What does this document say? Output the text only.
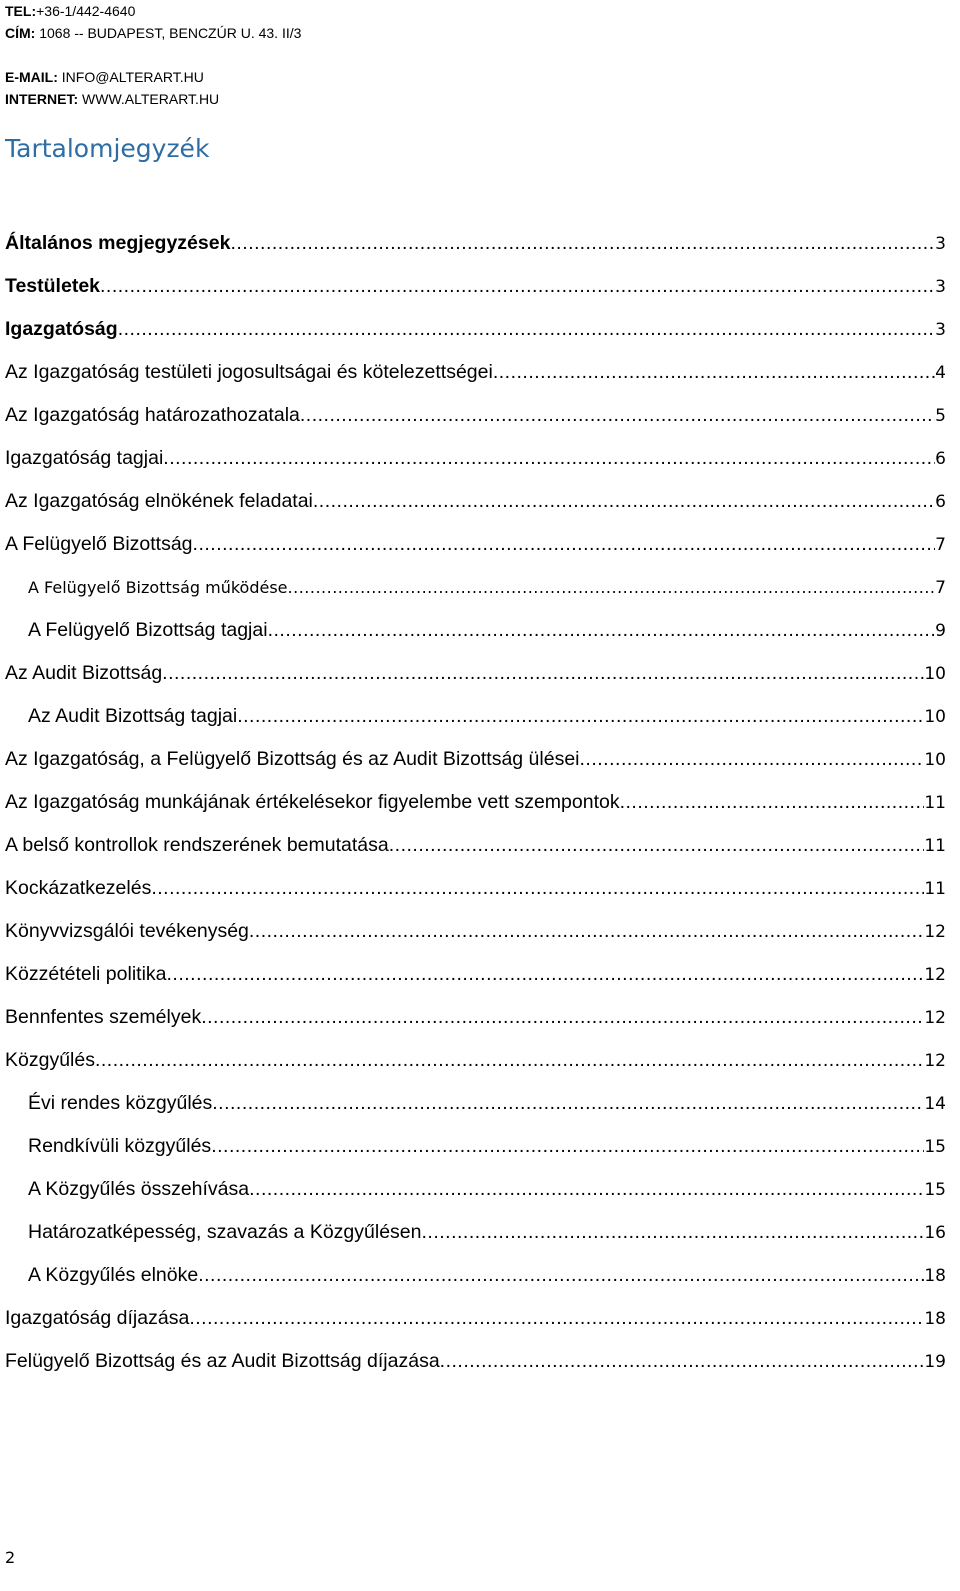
TEL:+36-1/442-4640
CÍM: 1068 -- BUDAPEST, BENCZÚR U. 43. II/3
E-MAIL: INFO@ALTERART.HU
INTERNET: WWW.ALTERART.HU
Tartalomjegyzék
Általános megjegyzések .....	3
Testületek .....	3
Igazgatóság .....	3
Az Igazgatóság testületi jogosultságai és kötelezettségei .....	4
Az Igazgatóság határozathozatala .....	5
Igazgatóság tagjai .....	6
Az Igazgatóság elnökének feladatai .....	6
A Felügyelő Bizottság .....	7
A Felügyelő Bizottság működése .....	7
A Felügyelő Bizottság tagjai .....	9
Az Audit Bizottság .....	10
Az Audit Bizottság tagjai .....	10
Az Igazgatóság, a Felügyelő Bizottság és az Audit Bizottság ülései .....	10
Az Igazgatóság munkájának értékelésekor figyelembe vett szempontok .....	11
A belső kontrollok rendszerének bemutatása .....	11
Kockázatkezelés .....	11
Könyvvizsgálói tevékenység .....	12
Közzétételi politika .....	12
Bennfentes személyek .....	12
Közgyűlés .....	12
Évi rendes közgyűlés .....	14
Rendkívüli közgyűlés .....	15
A Közgyűlés összehívása .....	15
Határozatképesség, szavazás a Közgyűlésen .....	16
A Közgyűlés elnöke .....	18
Igazgatóság díjazása .....	18
Felügyelő Bizottság és az Audit Bizottság díjazása .....	19
2
